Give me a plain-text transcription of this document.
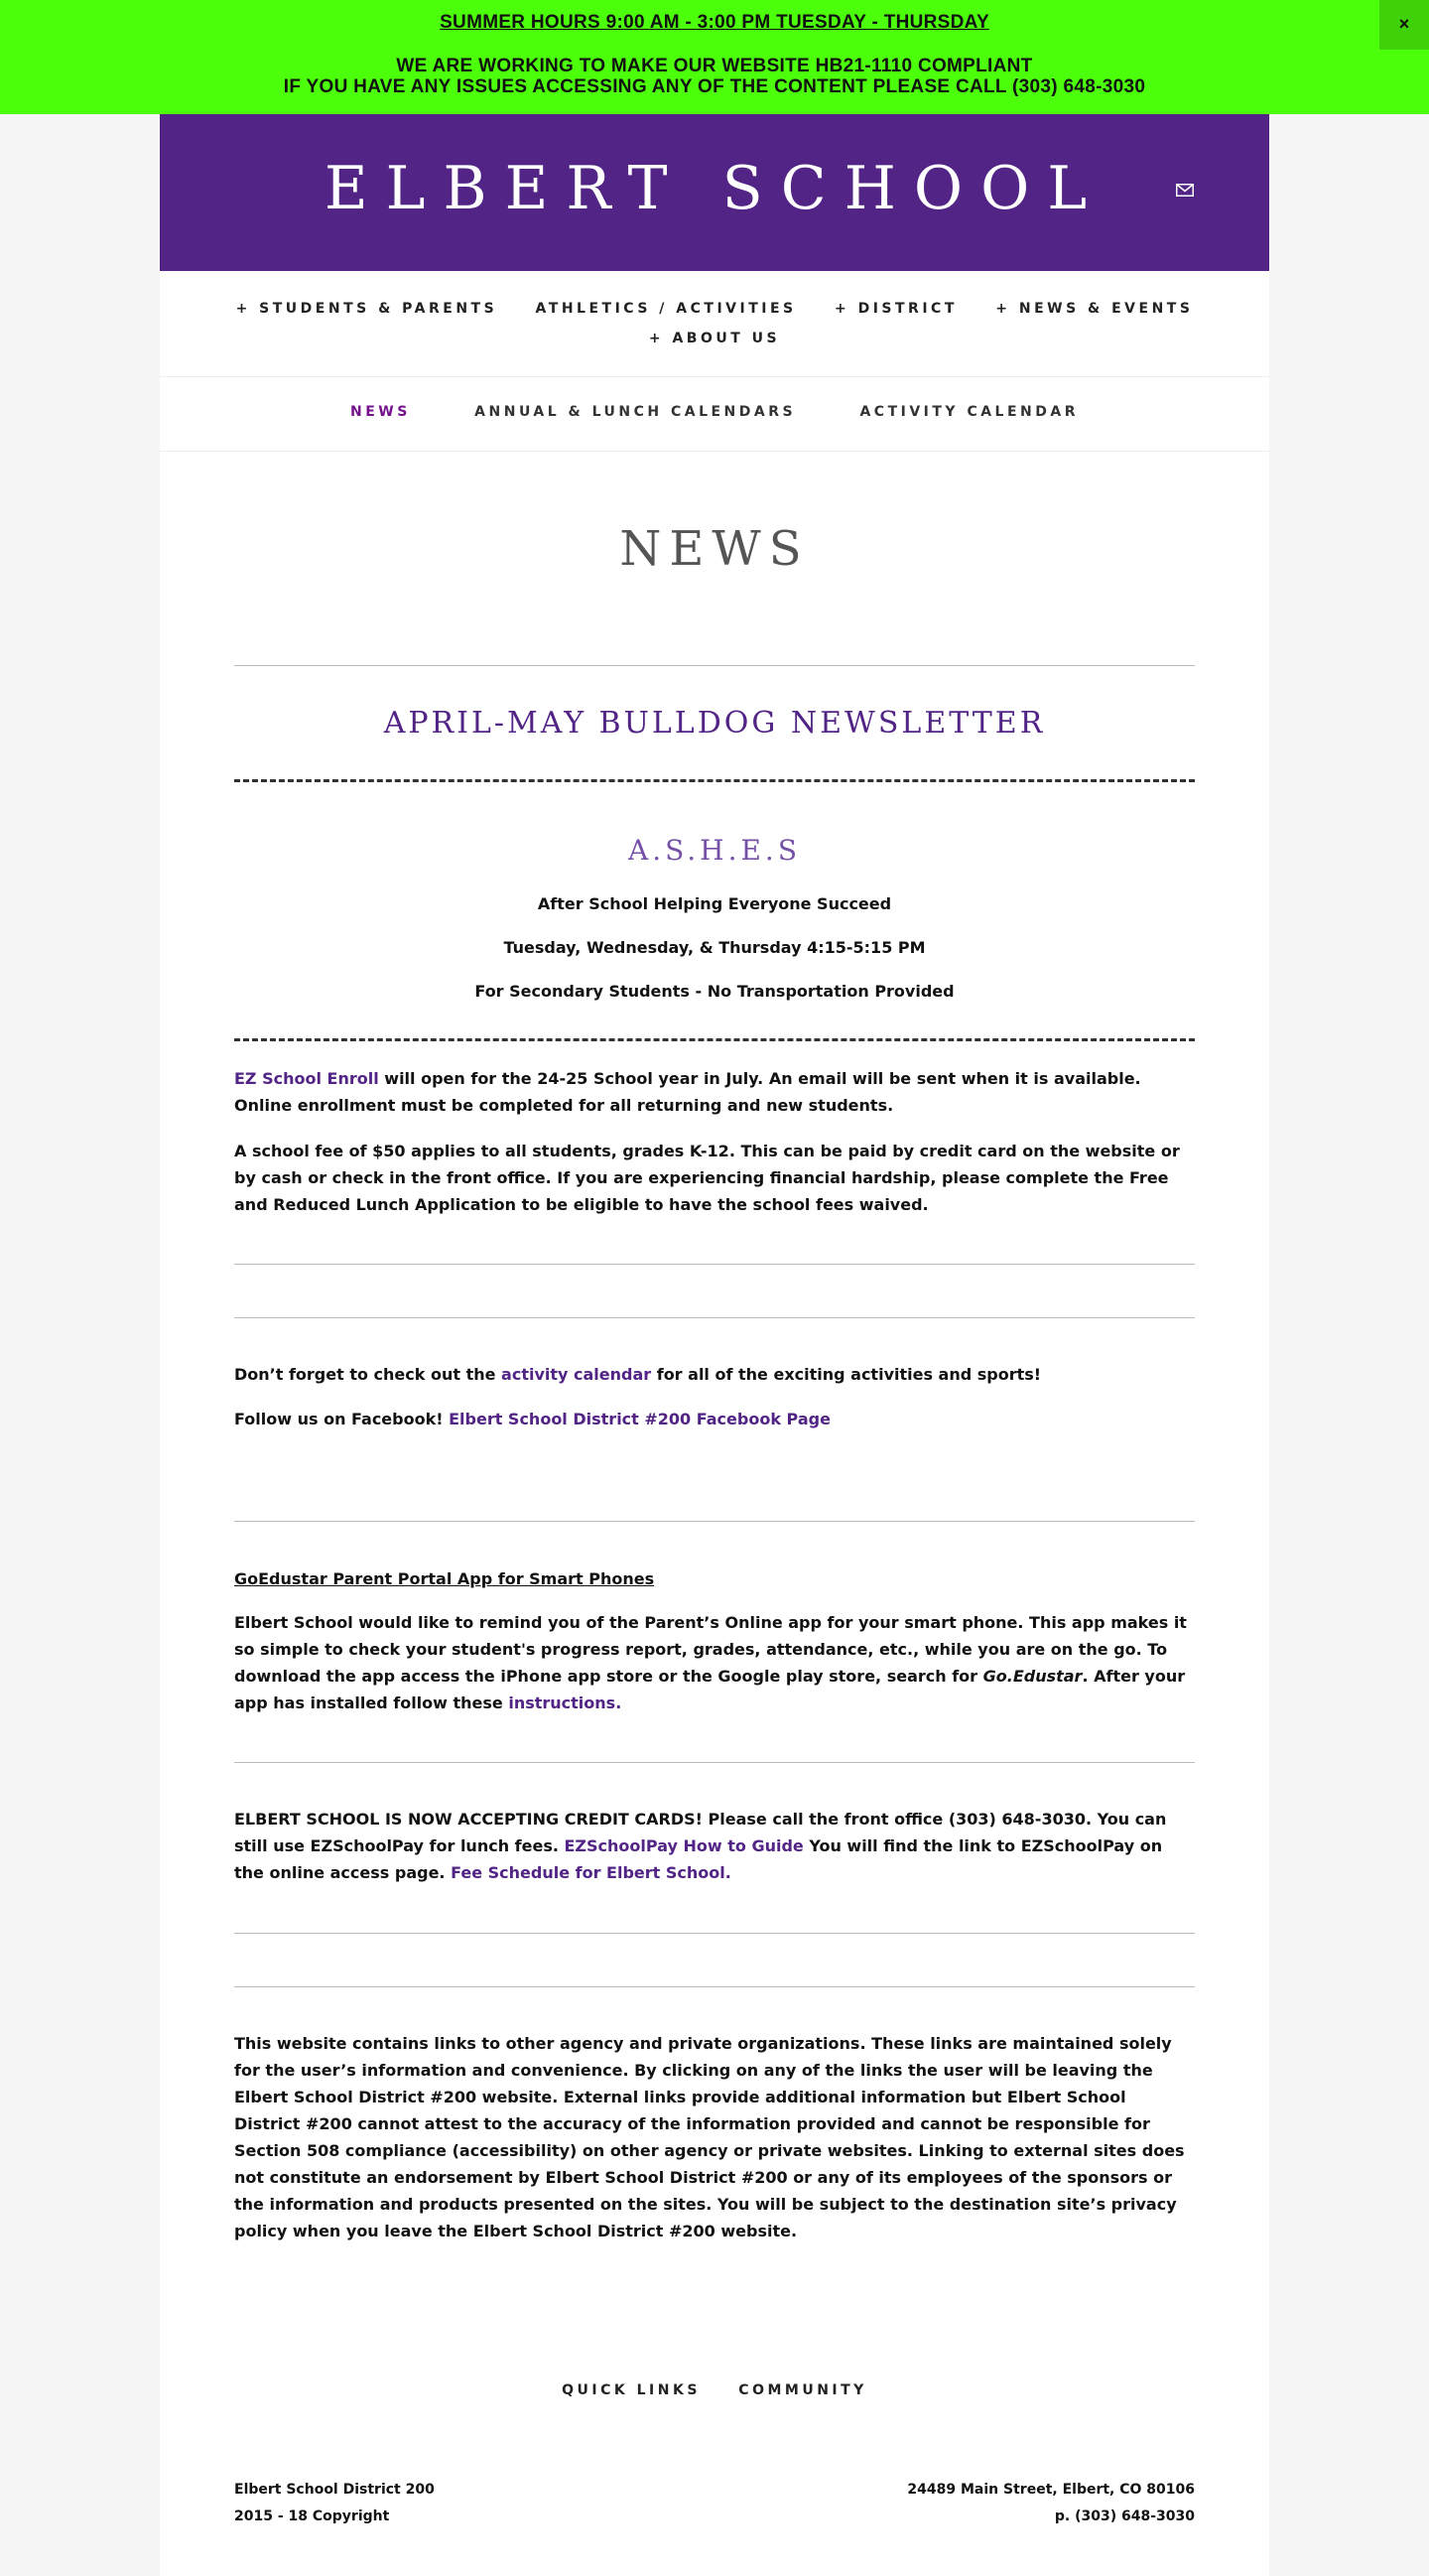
SUMMER HOURS 9:00 AM - 3:00 PM TUESDAY - THURSDAY
WE ARE WORKING TO MAKE OUR WEBSITE HB21-1110 COMPLIANT
IF YOU HAVE ANY ISSUES ACCESSING ANY OF THE CONTENT PLEASE CALL (303) 648-3030
×
ELBERT SCHOOL
+ STUDENTS & PARENTS	ATHLETICS / ACTIVITIES	+ DISTRICT	+ NEWS & EVENTS
+ ABOUT US
NEWS	ANNUAL & LUNCH CALENDARS	ACTIVITY CALENDAR
NEWS
APRIL-MAY BULLDOG NEWSLETTER
A.S.H.E.S
After School Helping Everyone Succeed
Tuesday, Wednesday, & Thursday 4:15-5:15 PM
For Secondary Students - No Transportation Provided
EZ School Enroll will open for the 24-25 School year in July. An email will be sent when it is available. Online enrollment must be completed for all returning and new students.
A school fee of $50 applies to all students, grades K-12. This can be paid by credit card on the website or by cash or check in the front office. If you are experiencing financial hardship, please complete the Free and Reduced Lunch Application to be eligible to have the school fees waived.
Don’t forget to check out the activity calendar for all of the exciting activities and sports!
Follow us on Facebook! Elbert School District #200 Facebook Page
GoEdustar Parent Portal App for Smart Phones
Elbert School would like to remind you of the Parent’s Online app for your smart phone. This app makes it so simple to check your student's progress report, grades, attendance, etc., while you are on the go. To download the app access the iPhone app store or the Google play store, search for Go.Edustar. After your app has installed follow these instructions.
ELBERT SCHOOL IS NOW ACCEPTING CREDIT CARDS! Please call the front office (303) 648-3030. You can still use EZSchoolPay for lunch fees. EZSchoolPay How to Guide You will find the link to EZSchoolPay on the online access page. Fee Schedule for Elbert School.
This website contains links to other agency and private organizations. These links are maintained solely for the user’s information and convenience. By clicking on any of the links the user will be leaving the Elbert School District #200 website. External links provide additional information but Elbert School District #200 cannot attest to the accuracy of the information provided and cannot be responsible for Section 508 compliance (accessibility) on other agency or private websites. Linking to external sites does not constitute an endorsement by Elbert School District #200 or any of its employees of the sponsors or the information and products presented on the sites. You will be subject to the destination site’s privacy policy when you leave the Elbert School District #200 website.
QUICK LINKS	COMMUNITY
Elbert School District 200
2015 - 18 Copyright
24489 Main Street, Elbert, CO 80106
p. (303) 648-3030
